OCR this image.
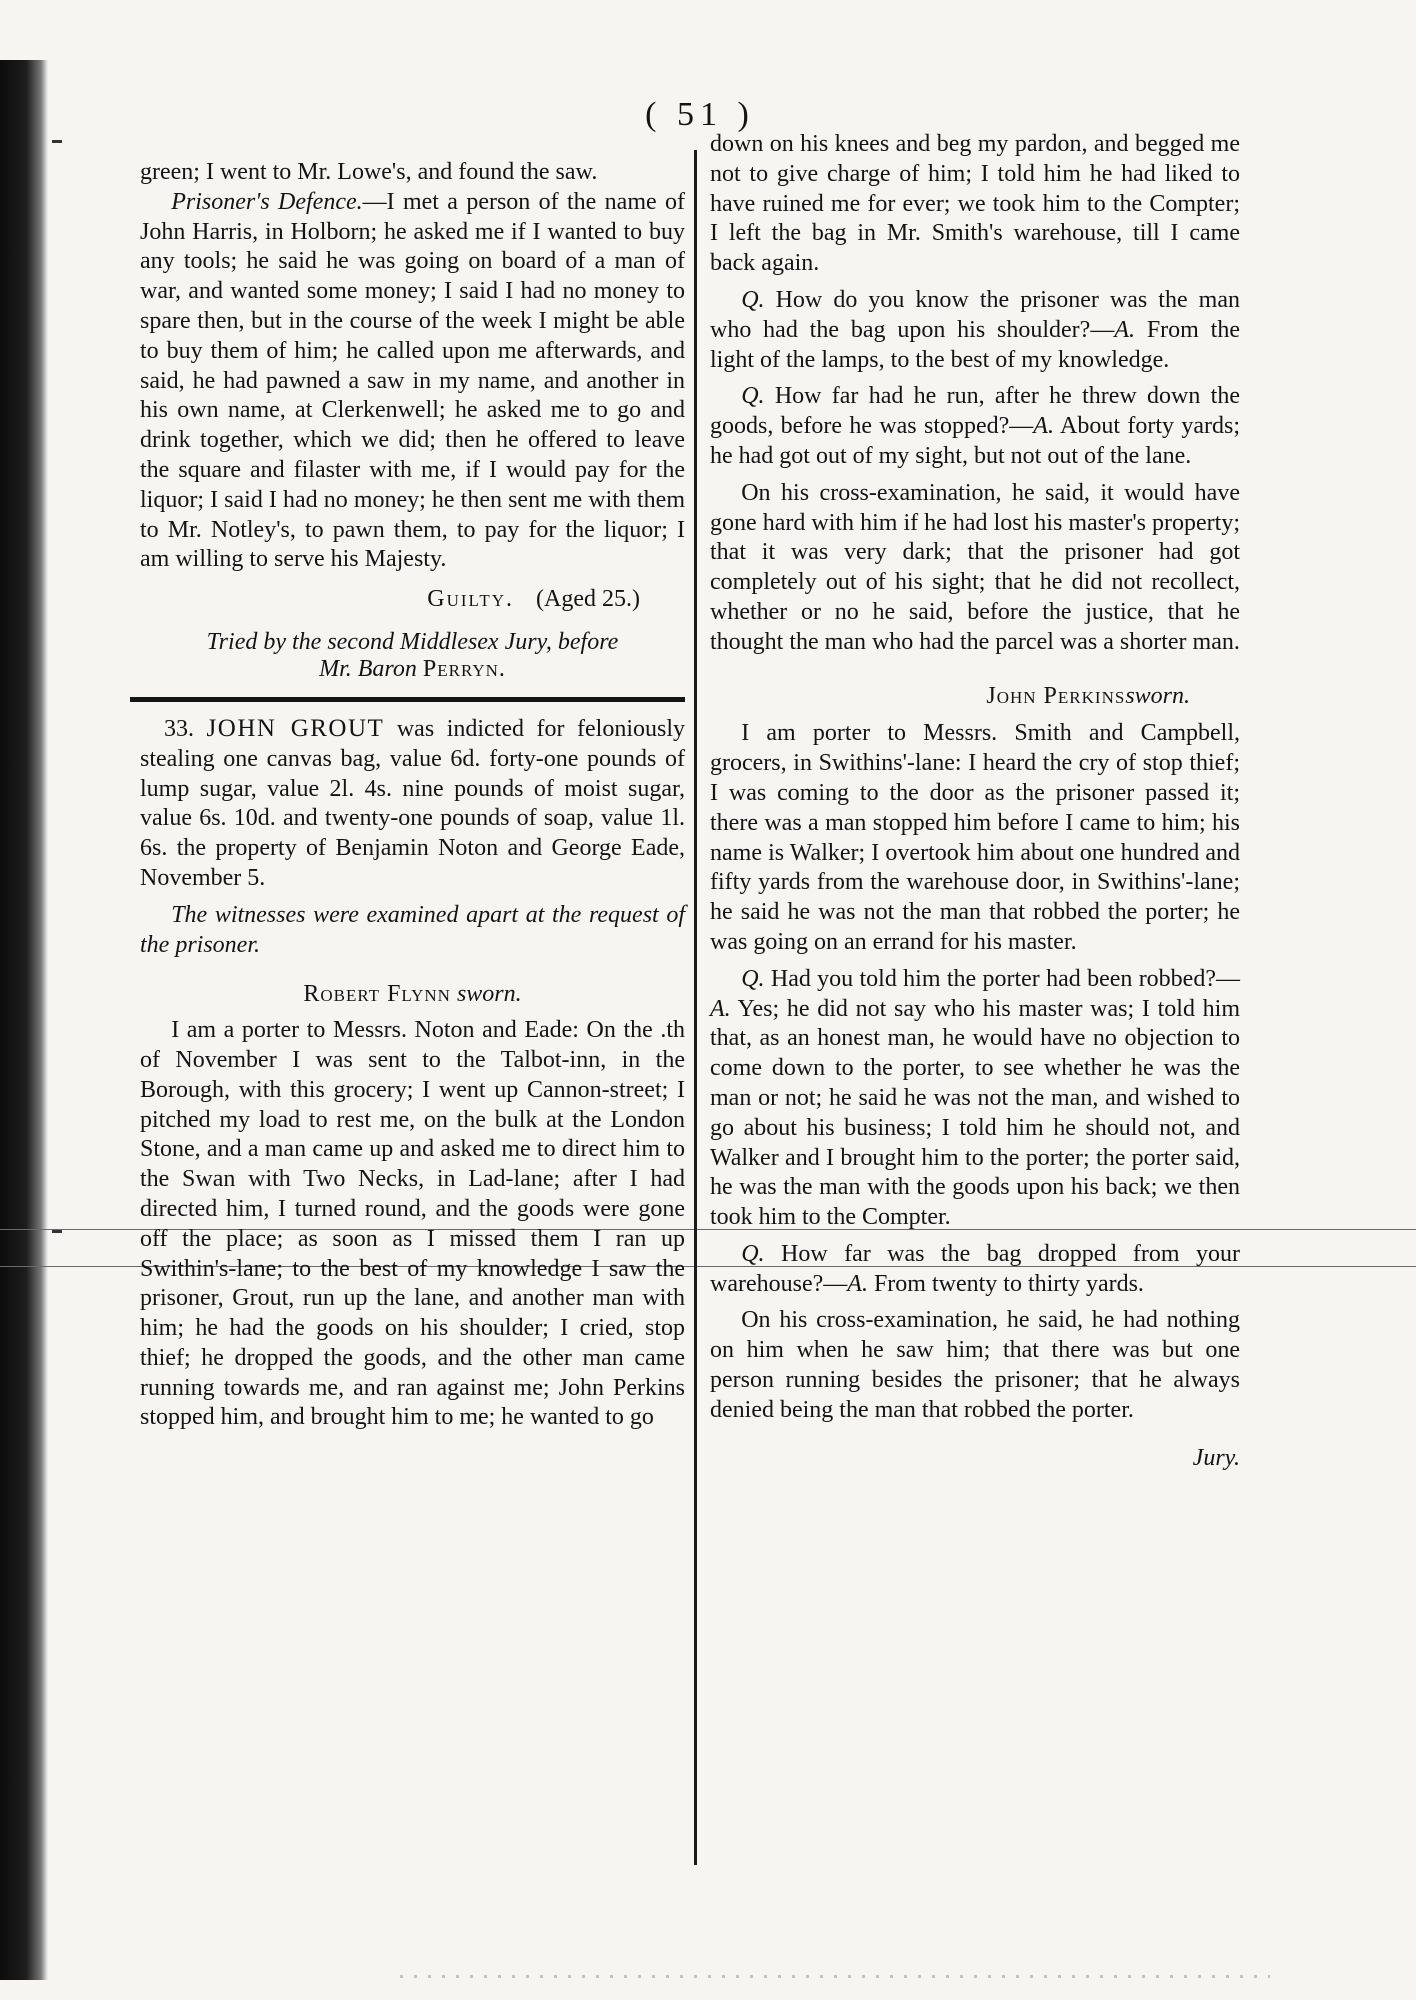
( 51 )

green; I went to Mr. Lowe's, and found the saw.

Prisoner's Defence.—I met a person of the name of John Harris, in Holborn; he asked me if I wanted to buy any tools; he said he was going on board of a man of war, and wanted some money; I said I had no money to spare then, but in the course of the week I might be able to buy them of him; he called upon me afterwards, and said, he had pawned a saw in my name, and another in his own name, at Clerkenwell; he asked me to go and drink together, which we did; then he offered to leave the square and filaster with me, if I would pay for the liquor; I said I had no money; he then sent me with them to Mr. Notley's, to pawn them, to pay for the liquor; I am willing to serve his Majesty.

Guilty. (Aged 25.)

Tried by the second Middlesex Jury, before
Mr. Baron Perryn.

33. JOHN GROUT was indicted for feloniously stealing one canvas bag, value 6d. forty-one pounds of lump sugar, value 2l. 4s. nine pounds of moist sugar, value 6s. 10d. and twenty-one pounds of soap, value 1l. 6s. the property of Benjamin Noton and George Eade, November 5.

The witnesses were examined apart at the request of the prisoner.

Robert Flynn sworn.

I am a porter to Messrs. Noton and Eade: On the .th of November I was sent to the Talbot-inn, in the Borough, with this grocery; I went up Cannon-street; I pitched my load to rest me, on the bulk at the London Stone, and a man came up and asked me to direct him to the Swan with Two Necks, in Lad-lane; after I had directed him, I turned round, and the goods were gone off the place; as soon as I missed them I ran up Swithin's-lane; to the best of my knowledge I saw the prisoner, Grout, run up the lane, and another man with him; he had the goods on his shoulder; I cried, stop thief; he dropped the goods, and the other man came running towards me, and ran against me; John Perkins stopped him, and brought him to me; he wanted to go

down on his knees and beg my pardon, and begged me not to give charge of him; I told him he had liked to have ruined me for ever; we took him to the Compter; I left the bag in Mr. Smith's warehouse, till I came back again.

Q. How do you know the prisoner was the man who had the bag upon his shoulder?—A. From the light of the lamps, to the best of my knowledge.

Q. How far had he run, after he threw down the goods, before he was stopped?—A. About forty yards; he had got out of my sight, but not out of the lane.

On his cross-examination, he said, it would have gone hard with him if he had lost his master's property; that it was very dark; that the prisoner had got completely out of his sight; that he did not recollect, whether or no he said, before the justice, that he thought the man who had the parcel was a shorter man.

John Perkinssworn.

I am porter to Messrs. Smith and Campbell, grocers, in Swithins'-lane: I heard the cry of stop thief; I was coming to the door as the prisoner passed it; there was a man stopped him before I came to him; his name is Walker; I overtook him about one hundred and fifty yards from the warehouse door, in Swithins'-lane; he said he was not the man that robbed the porter; he was going on an errand for his master.

Q. Had you told him the porter had been robbed?—A. Yes; he did not say who his master was; I told him that, as an honest man, he would have no objection to come down to the porter, to see whether he was the man or not; he said he was not the man, and wished to go about his business; I told him he should not, and Walker and I brought him to the porter; the porter said, he was the man with the goods upon his back; we then took him to the Compter.

Q. How far was the bag dropped from your warehouse?—A. From twenty to thirty yards.

On his cross-examination, he said, he had nothing on him when he saw him; that there was but one person running besides the prisoner; that he always denied being the man that robbed the porter.

Jury.
